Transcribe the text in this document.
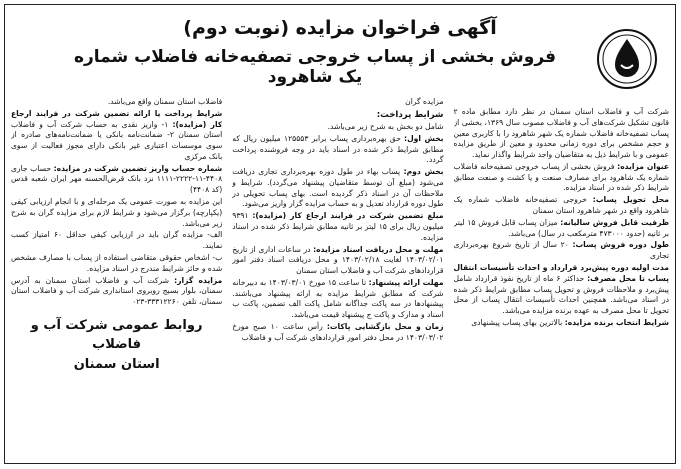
آگهی فراخوان مزایده (نوبت دوم)
فروش بخشی از پساب خروجی تصفیه‌خانه فاضلاب شماره یک شاهرود

شرکت آب و فاضلاب استان سمنان در نظر دارد مطابق ماده ۲ قانون تشکیل شرکت‌های آب و فاضلاب مصوب سال ۱۳۶۹، بخشی از پساب تصفیه‌خانه فاضلاب شماره یک شهر شاهرود را با کاربری معین و حجم مشخص برای دوره زمانی محدود و معین از طریق مزایده عمومی و با شرایط ذیل به متقاضیان واجد شرایط واگذار نماید.

عنوان مزایده: فروش بخشی از پساب خروجی تصفیه‌خانه فاضلاب شماره یک شاهرود برای مصارف صنعت و یا کشت و صنعت مطابق شرایط ذکر شده در اسناد مزایده.

محل تحویل پساب: خروجی تصفیه‌خانه فاضلاب شماره یک شاهرود واقع در شهر شاهرود استان سمنان

ظرفیت قابل فروش سالیانه: میزان پساب قابل فروش ۱۵ لیتر بر ثانیه (حدود ۴۷۳۰۰۰ مترمکعب در سال) می‌باشد.

طول دوره فروش پساب: ۲۰ سال از تاریخ شروع بهره‌برداری تجاری

مدت اولیه دوره پیش‌برد قرارداد و احداث تأسیسات انتقال پساب تا محل مصرف: حداکثر ۶ ماه از تاریخ نفوذ قرارداد شامل پیش‌برد و ملاحظات فروش و تحویل پساب مطابق شرایط ذکر شده در اسناد می‌باشد. همچنین احداث تأسیسات انتقال پساب از محل تحویل تا محل مصرف به عهده برنده مزایده می‌باشد.

شرایط انتخاب برنده مزایده: بالاترین بهای پساب پیشنهادی

مزایده گران

شرایط پرداخت:

شامل دو بخش به شرح زیر می‌باشد.

بخش اول: حق بهره‌برداری پساب برابر ۱۲۵۵۵۳ میلیون ریال که مطابق شرایط ذکر شده در اسناد باید در وجه فروشنده پرداخت گردد.

بخش دوم: پساب بهاء در طول دوره بهره‌برداری تجاری دریافت می‌شود (مبلغ آن توسط متقاضیان پیشنهاد می‌گردد). شرایط و ملاحظات آن در اسناد ذکر گردیده است. بهای پساب تحویلی در طول دوره قرارداد تعدیل و به حساب مزایده گزار واریز می‌شود.

مبلغ تضمین شرکت در فرایند ارجاع کار (مزایده): ۹۳۹۱ میلیون ریال برای ۱۵ لیتر بر ثانیه مطابق شرایط ذکر شده در اسناد مزایده.

مهلت و محل دریافت اسناد مزایده: در ساعات اداری از تاریخ ۱۴۰۳/۰۲/۰۱ لغایت ۱۴۰۳/۰۲/۱۸ و محل دریافت اسناد دفتر امور قراردادهای شرکت آب و فاضلاب استان سمنان

مهلت ارائه پیشنهاد: تا ساعت ۱۵ مورخ ۱۴۰۳/۰۳/۰۱ به دبیرخانه شرکت که مطابق شرایط مزایده به ارائه پیشنهاد می‌باشند. پیشنهادها در سه پاکت جداگانه شامل پاکت الف تضمین، پاکت ب اسناد و مدارک و پاکت ج پیشنهاد قیمت می‌باشد.

زمان و محل بازگشایی پاکات: رأس ساعت ۱۰ صبح مورخ ۱۴۰۳/۰۳/۰۲ در محل دفتر امور قراردادهای شرکت آب و فاضلاب

فاضلاب استان سمنان واقع می‌باشد.

شرایط پرداخت یا ارائه تضمین شرکت در فرایند ارجاع کار (مزایده): ۱- واریز نقدی به حساب شرکت آب و فاضلاب استان سمنان ۲- ضمانت‌نامه بانکی یا ضمانت‌نامه‌های صادره از سوی موسسات اعتباری غیر بانکی دارای مجوز فعالیت از سوی بانک مرکزی

شماره حساب واریز تضمین شرکت در مزایده: حساب جاری ۴۴۰۸-۱۱-۲۲۲۲-۱۱۱۱ نزد بانک قرض‌الحسنه مهر ایران شعبه قدس (کد ۴۴۰۸)

این مزایده به صورت عمومی یک مرحله‌ای و با انجام ارزیابی کیفی (یکپارچه) برگزار می‌شود و شرایط لازم برای مزایده گران به شرح زیر می‌باشد.

الف- مزایده گران باید در ارزیابی کیفی حداقل ۶۰ امتیاز کسب نمایند.

ب- اشخاص حقوقی متقاضی استفاده از پساب با مصارف مشخص شده و حائز شرایط مندرج در اسناد مزایده.

مزایده گزار: شرکت آب و فاضلاب استان سمنان به آدرس سمنان، بلوار بسیج روبروی استانداری شرکت آب و فاضلاب استان سمنان، تلفن ۳۳۳۱۲۲۶۰-۰۲۳

روابط عمومی شرکت آب و فاضلاب
استان سمنان
